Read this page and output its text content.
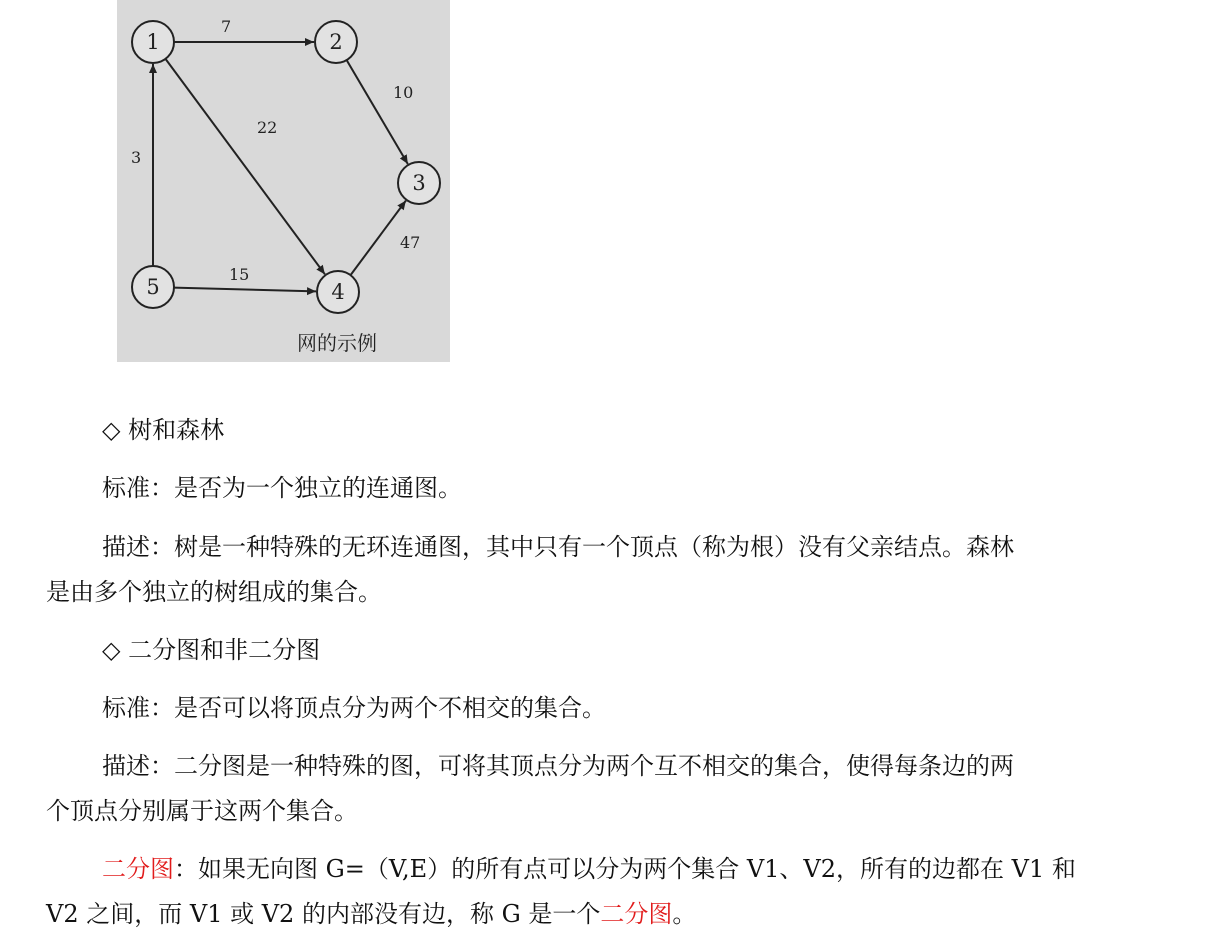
7
10
22
3
15
47
1	2
3
4
5
网的示例
◇ 树和森林
标准：是否为一个独立的连通图。
描述：树是一种特殊的无环连通图，其中只有一个顶点（称为根）没有父亲结点。森林
是由多个独立的树组成的集合。
◇ 二分图和非二分图
标准：是否可以将顶点分为两个不相交的集合。
描述：二分图是一种特殊的图，可将其顶点分为两个互不相交的集合，使得每条边的两
个顶点分别属于这两个集合。
二分图：如果无向图 G=（V,E）的所有点可以分为两个集合 V1、V2，所有的边都在 V1 和
V2 之间，而 V1 或 V2 的内部没有边，称 G 是一个二分图。
